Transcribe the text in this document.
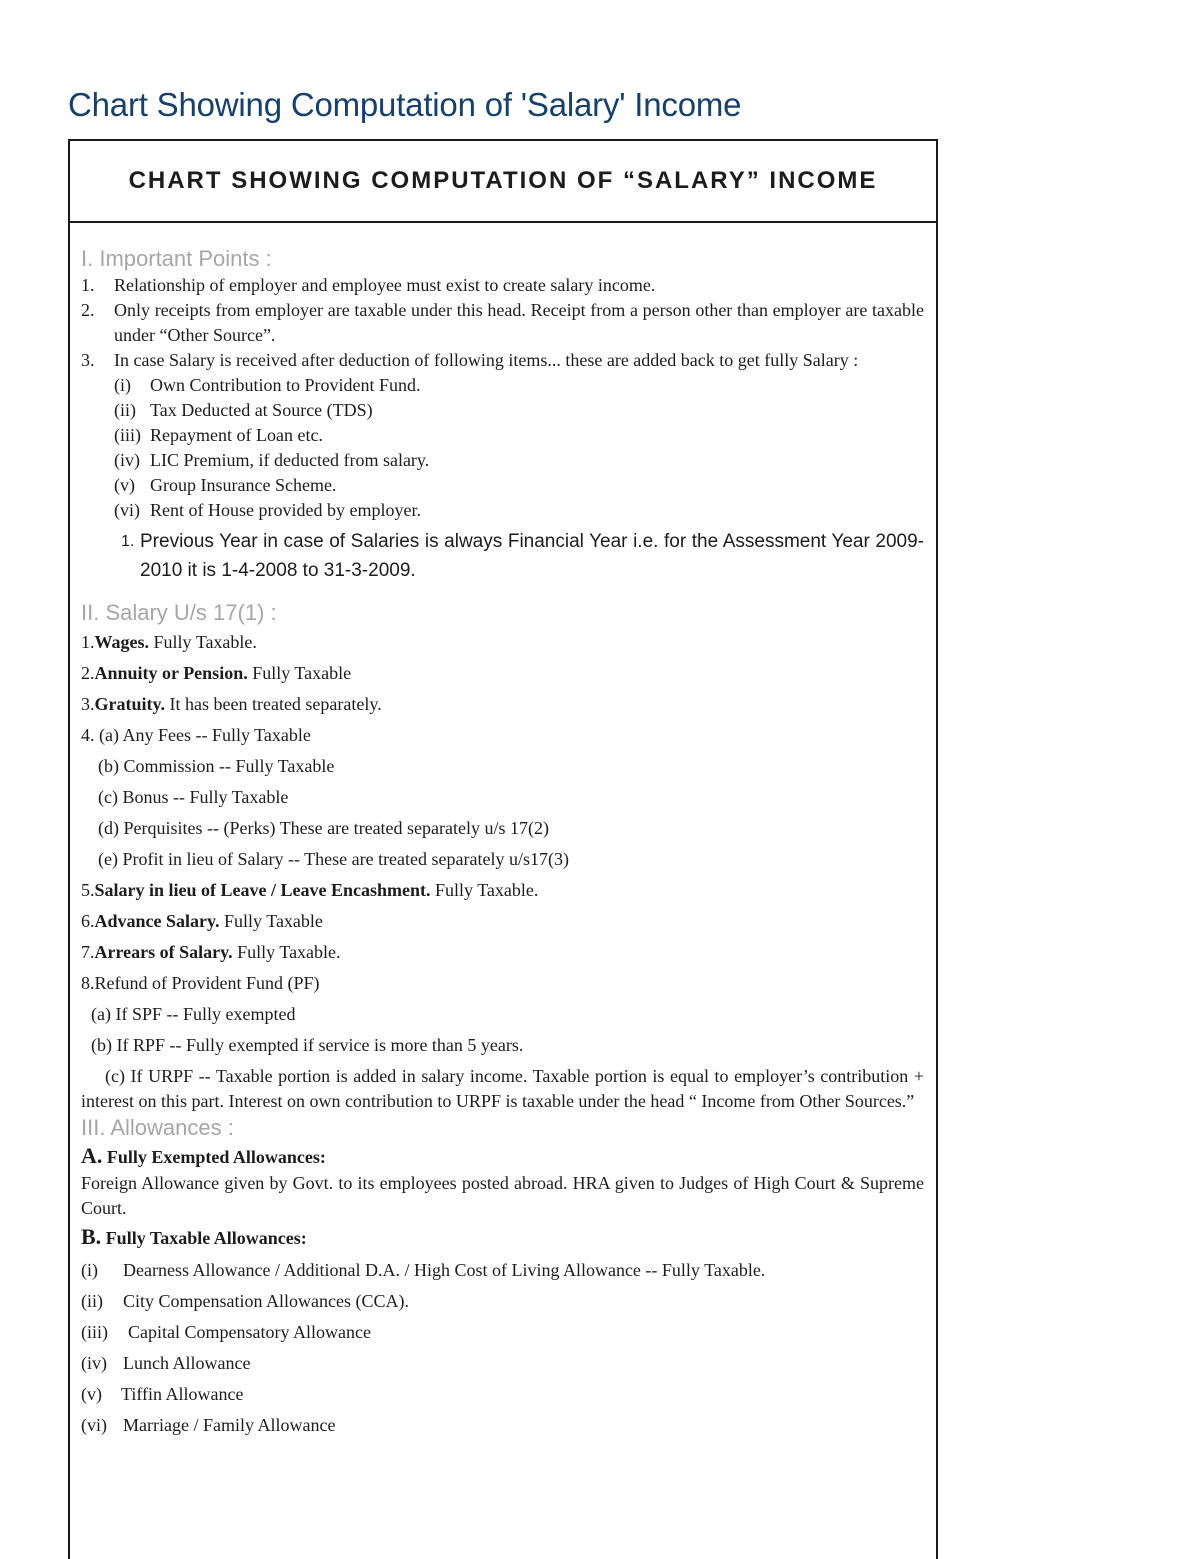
Chart Showing Computation of 'Salary' Income
CHART SHOWING COMPUTATION OF “SALARY” INCOME
I. Important Points :
1.	Relationship of employer and employee must exist to create salary income.
2.	Only receipts from employer are taxable under this head. Receipt from a person other than employer are taxable under “Other Source”.
3.	In case Salary is received after deduction of following items... these are added back to get fully Salary :
(i) Own Contribution to Provident Fund.
(ii) Tax Deducted at Source (TDS)
(iii) Repayment of Loan etc.
(iv) LIC Premium, if deducted from salary.
(v) Group Insurance Scheme.
(vi) Rent of House provided by employer.
1. Previous Year in case of Salaries is always Financial Year i.e. for the Assessment Year 2009-2010 it is 1-4-2008 to 31-3-2009.
II. Salary U/s 17(1) :
1.Wages. Fully Taxable.
2.Annuity or Pension. Fully Taxable
3.Gratuity. It has been treated separately.
4. (a) Any Fees -- Fully Taxable
(b) Commission -- Fully Taxable
(c) Bonus -- Fully Taxable
(d) Perquisites -- (Perks) These are treated separately u/s 17(2)
(e) Profit in lieu of Salary -- These are treated separately u/s17(3)
5.Salary in lieu of Leave / Leave Encashment. Fully Taxable.
6.Advance Salary. Fully Taxable
7.Arrears of Salary. Fully Taxable.
8.Refund of Provident Fund (PF)
(a) If SPF -- Fully exempted
(b) If RPF -- Fully exempted if service is more than 5 years.
(c) If URPF -- Taxable portion is added in salary income. Taxable portion is equal to employer’s contribution + interest on this part. Interest on own contribution to URPF is taxable under the head “ Income from Other Sources.”
III. Allowances :
A. Fully Exempted Allowances:
Foreign Allowance given by Govt. to its employees posted abroad. HRA given to Judges of High Court & Supreme Court.
B. Fully Taxable Allowances:
(i) Dearness Allowance / Additional D.A. / High Cost of Living Allowance -- Fully Taxable.
(ii) City Compensation Allowances (CCA).
(iii) Capital Compensatory Allowance
(iv) Lunch Allowance
(v) Tiffin Allowance
(vi) Marriage / Family Allowance
